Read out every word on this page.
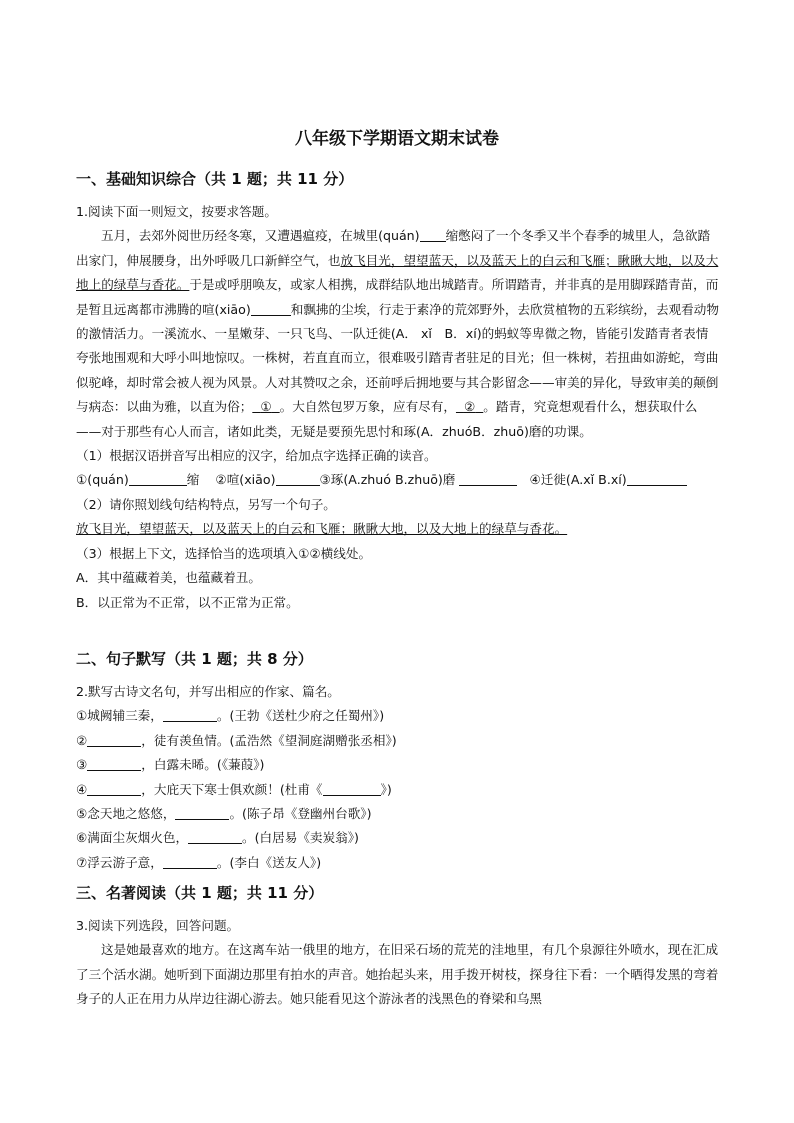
八年级下学期语文期末试卷
一、基础知识综合（共 1 题；共 11 分）

1.阅读下面一则短文，按要求答题。

五月，去郊外阅世历经冬寒，又遭遇瘟疫，在城里(quán) 缩憋闷了一个冬季又半个春季的城里人，急欲踏出家门，伸展腰身，出外呼吸几口新鲜空气，也放飞目光，望望蓝天，以及蓝天上的白云和飞雁；瞅瞅大地，以及大地上的绿草与香花。于是或呼朋唤友，或家人相携，成群结队地出城踏青。所谓踏青，并非真的是用脚踩踏青苗，而是暂且远离都市沸腾的喧(xiāo)	和飘拂的尘埃，行走于素净的荒郊野外，去欣赏植物的五彩缤纷，去观看动物的激情活力。一溪流水、一星嫩芽、一只飞鸟、一队迁徙(A． xǐ　B．xí)的蚂蚁等卑微之物，皆能引发踏青者表情夸张地围观和大呼小叫地惊叹。一株树，若直直而立，很难吸引踏青者驻足的目光；但一株树，若扭曲如游蛇，弯曲似驼峰，却时常会被人视为风景。人对其赞叹之余，还前呼后拥地要与其合影留念——审美的异化，导致审美的颠倒与病态：以曲为雅，以直为俗； ① 。大自然包罗万象，应有尽有， ② 。踏青，究竟想观看什么，想获取什么——对于那些有心人而言，诸如此类，无疑是要预先思忖和琢(A．zhuóB．zhuō)磨的功课。

（1）根据汉语拼音写出相应的汉字，给加点字选择正确的读音。

①(quán)	缩 ②喧(xiāo)	③琢(A.zhuó B.zhuō)磨	④迁徙(A.xǐ B.xí)

（2）请你照划线句结构特点，另写一个句子。

放飞目光，望望蓝天，以及蓝天上的白云和飞雁；瞅瞅大地，以及大地上的绿草与香花。

（3）根据上下文，选择恰当的选项填入①②横线处。

A．其中蕴藏着美，也蕴藏着丑。

B．以正常为不正常，以不正常为正常。

二、句子默写（共 1 题；共 8 分）
2.默写古诗文名句，并写出相应的作家、篇名。
①城阙辅三秦，	。(王勃《送杜少府之任蜀州》)
②	，徒有羡鱼情。(孟浩然《望洞庭湖赠张丞相》)
③	，白露未晞。(《蒹葭》)
④	，大庇天下寒士俱欢颜！(杜甫《	》)
⑤念天地之悠悠，	。(陈子昂《登幽州台歌》)
⑥满面尘灰烟火色，	。(白居易《卖炭翁》)
⑦浮云游子意，	。(李白《送友人》)
三、名著阅读（共 1 题；共 11 分）

3.阅读下列选段，回答问题。

这是她最喜欢的地方。在这离车站一俄里的地方，在旧采石场的荒芜的洼地里，有几个泉源往外喷水，现在汇成了三个活水湖。她听到下面湖边那里有拍水的声音。她抬起头来，用手拨开树枝，探身往下看：一个晒得发黑的弯着身子的人正在用力从岸边往湖心游去。她只能看见这个游泳者的浅黑色的脊梁和乌黑
